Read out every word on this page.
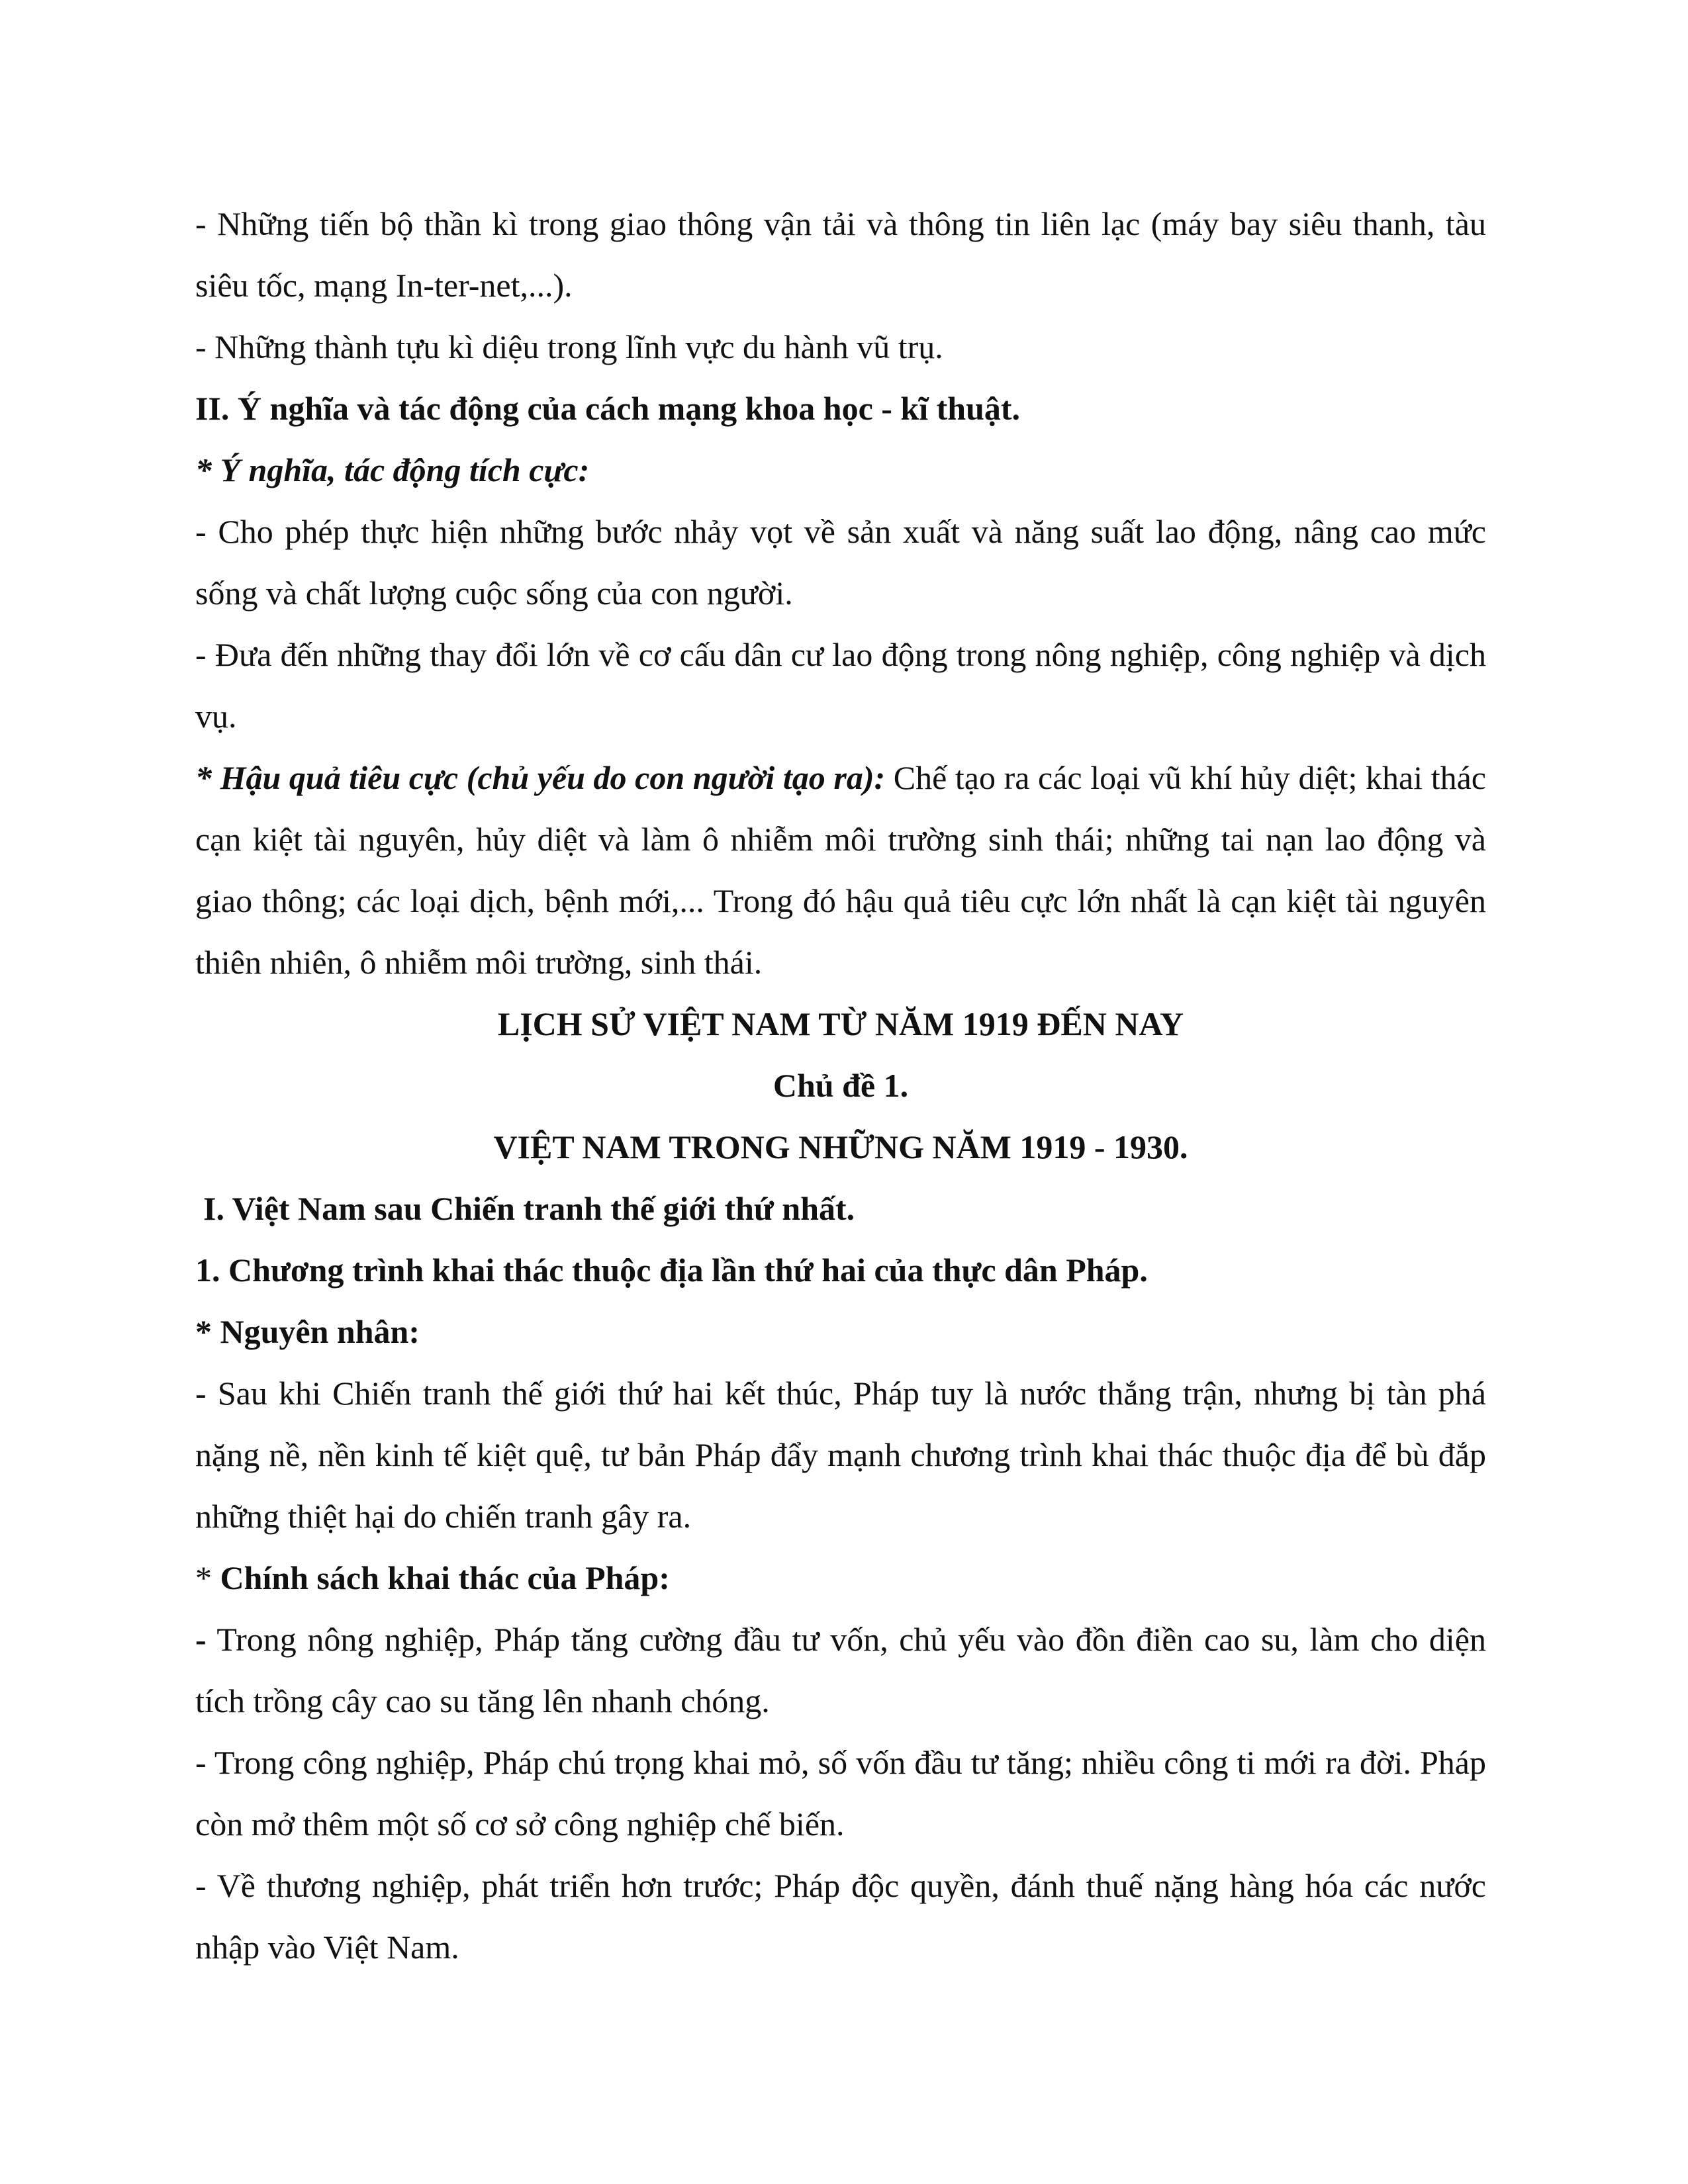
- Những tiến bộ thần kì trong giao thông vận tải và thông tin liên lạc (máy bay siêu thanh, tàu siêu tốc, mạng In-ter-net,...).

- Những thành tựu kì diệu trong lĩnh vực du hành vũ trụ.

II. Ý nghĩa và tác động của cách mạng khoa học - kĩ thuật.

* Ý nghĩa, tác động tích cực:

- Cho phép thực hiện những bước nhảy vọt về sản xuất và năng suất lao động, nâng cao mức sống và chất lượng cuộc sống của con người.

- Đưa đến những thay đổi lớn về cơ cấu dân cư lao động trong nông nghiệp, công nghiệp và dịch vụ.

* Hậu quả tiêu cực (chủ yếu do con người tạo ra): Chế tạo ra các loại vũ khí hủy diệt; khai thác cạn kiệt tài nguyên, hủy diệt và làm ô nhiễm môi trường sinh thái; những tai nạn lao động và giao thông; các loại dịch, bệnh mới,... Trong đó hậu quả tiêu cực lớn nhất là cạn kiệt tài nguyên thiên nhiên, ô nhiễm môi trường, sinh thái.

LỊCH SỬ VIỆT NAM TỪ NĂM 1919 ĐẾN NAY

Chủ đề 1.

VIỆT NAM TRONG NHỮNG NĂM 1919 - 1930.

I. Việt Nam sau Chiến tranh thế giới thứ nhất.

1. Chương trình khai thác thuộc địa lần thứ hai của thực dân Pháp.

* Nguyên nhân:

- Sau khi Chiến tranh thế giới thứ hai kết thúc, Pháp tuy là nước thắng trận, nhưng bị tàn phá nặng nề, nền kinh tế kiệt quệ, tư bản Pháp đẩy mạnh chương trình khai thác thuộc địa để bù đắp những thiệt hại do chiến tranh gây ra.

* Chính sách khai thác của Pháp:

- Trong nông nghiệp, Pháp tăng cường đầu tư vốn, chủ yếu vào đồn điền cao su, làm cho diện tích trồng cây cao su tăng lên nhanh chóng.

- Trong công nghiệp, Pháp chú trọng khai mỏ, số vốn đầu tư tăng; nhiều công ti mới ra đời. Pháp còn mở thêm một số cơ sở công nghiệp chế biến.

- Về thương nghiệp, phát triển hơn trước; Pháp độc quyền, đánh thuế nặng hàng hóa các nước nhập vào Việt Nam.
